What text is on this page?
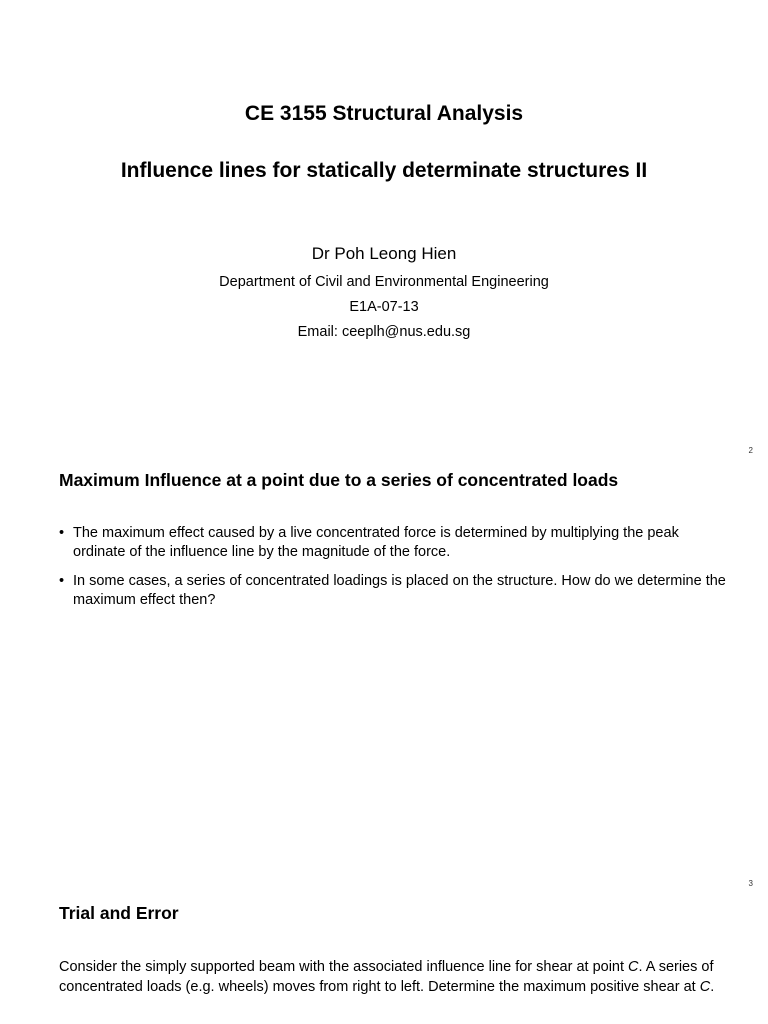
CE 3155 Structural Analysis
Influence lines for statically determinate structures II
Dr Poh Leong Hien
Department of Civil and Environmental Engineering
E1A-07-13
Email: ceeplh@nus.edu.sg
2
Maximum Influence at a point due to a series of concentrated loads
• The maximum effect caused by a live concentrated force is determined by multiplying the peak ordinate of the influence line by the magnitude of the force.
• In some cases, a series of concentrated loadings is placed on the structure. How do we determine the maximum effect then?
3
Trial and Error

Consider the simply supported beam with the associated influence line for shear at point C. A series of concentrated loads (e.g. wheels) moves from right to left. Determine the maximum positive shear at C.
